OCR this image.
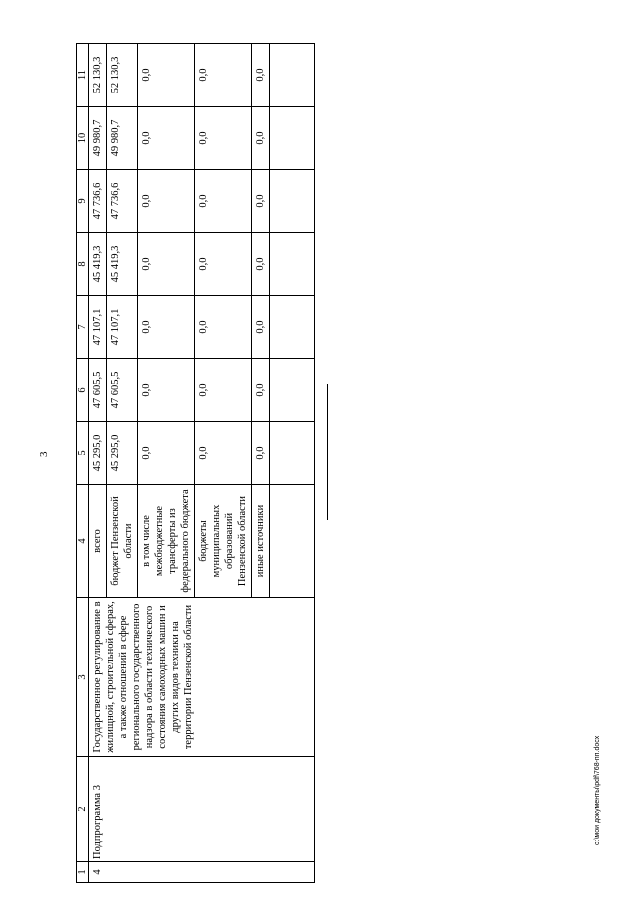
3
1	2	3	4	5	6	7	8	9	10	11
4	Подпрограмма 3	Государственное регулирование в жилищной, строительной сферах, а также отношений в сфере регионального государственного надзора в области технического состояния самоходных машин и других видов техники на территории Пензенской области	всего	45 295,0	47 605,5	47 107,1	45 419,3	47 736,6	49 980,7	52 130,3
			бюджет Пензенской области	45 295,0	47 605,5	47 107,1	45 419,3	47 736,6	49 980,7	52 130,3
			в том числе межбюджетные трансферты из федерального бюджета	0,0	0,0	0,0	0,0	0,0	0,0	0,0
			бюджеты муниципальных образований Пензенской области	0,0	0,0	0,0	0,0	0,0	0,0	0,0
			иные источники	0,0	0,0	0,0	0,0	0,0	0,0	0,0

c:\мои документы\pdf\768-пп.docx
